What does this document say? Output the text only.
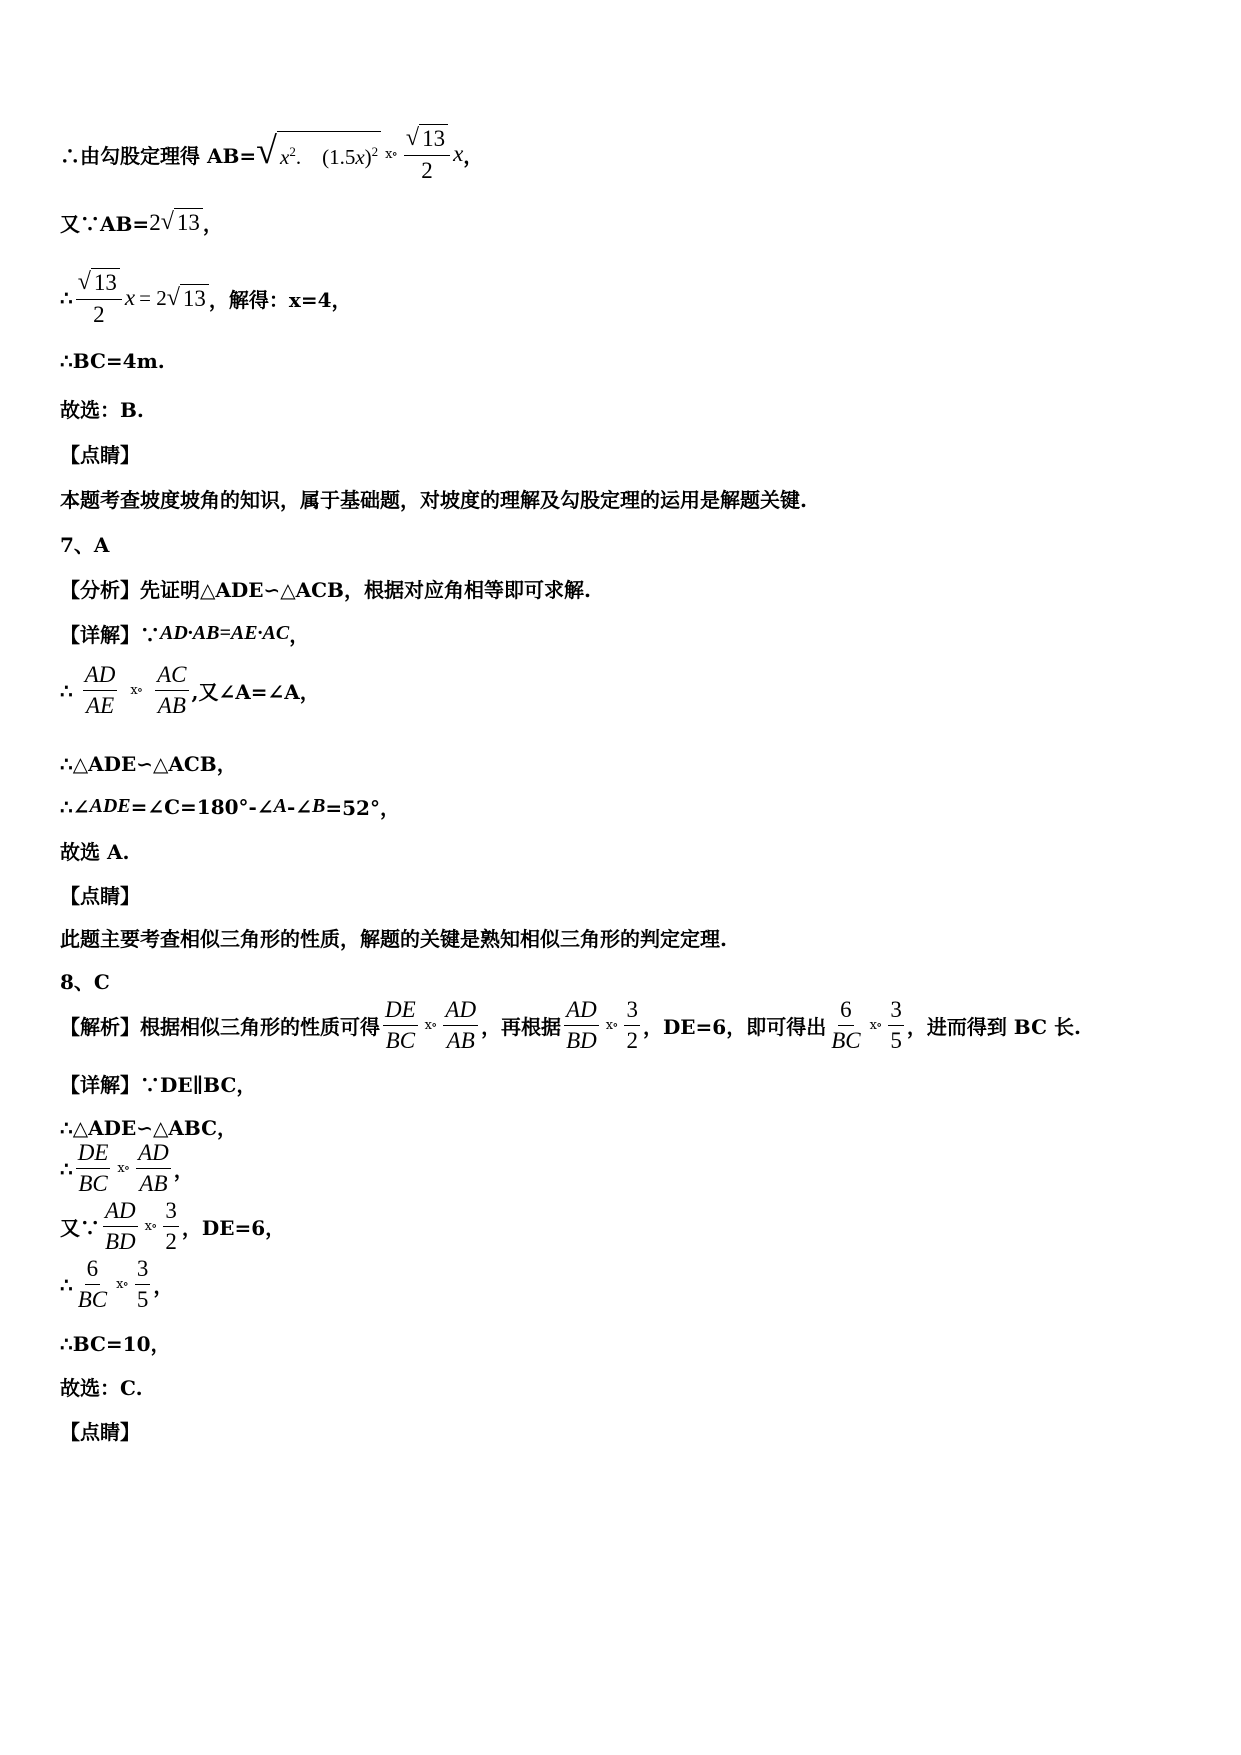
∴由勾股定理得 AB= √ $x^2$. $(1.5x)^2$ ⅹ∘ $\frac{√ 13}{2}$ x ，
又∵AB= 2 √ 13 ，
∴ $\frac{√ 13}{2}$ x = 2 √ 13 ，解得：x=4，
∴BC=4m.
故选：B.
【点睛】
本题考查坡度坡角的知识，属于基础题，对坡度的理解及勾股定理的运用是解题关键.
7、A
【分析】先证明△ADE∽△ACB，根据对应角相等即可求解.
【详解】∵ AD·AB=AE·AC ，
∴ $\frac{AD}{AE}$ ⅹ∘ $\frac{AC}{AB}$ ,又∠A=∠A，
∴△ADE∽△ACB，
∴∠ ADE =∠C=180°-∠ A -∠ B =52°，
故选 A.
【点睛】
此题主要考查相似三角形的性质，解题的关键是熟知相似三角形的判定定理.
8、C
【解析】根据相似三角形的性质可得 $\frac{DE}{BC}$ ⅹ∘ $\frac{AD}{AB}$ ，再根据 $\frac{AD}{BD}$ ⅹ∘ $\frac{3}{2}$ ，DE=6，即可得出 $\frac{6}{BC}$ ⅹ∘ $\frac{3}{5}$ ，进而得到 BC 长.
【详解】∵DE∥BC，
∴△ADE∽△ABC，
∴ $\frac{DE}{BC}$ ⅹ∘ $\frac{AD}{AB}$ ，
又∵ $\frac{AD}{BD}$ ⅹ∘ $\frac{3}{2}$ ，DE=6，
∴ $\frac{6}{BC}$ ⅹ∘ $\frac{3}{5}$ ，
∴BC=10，
故选：C.
【点睛】
